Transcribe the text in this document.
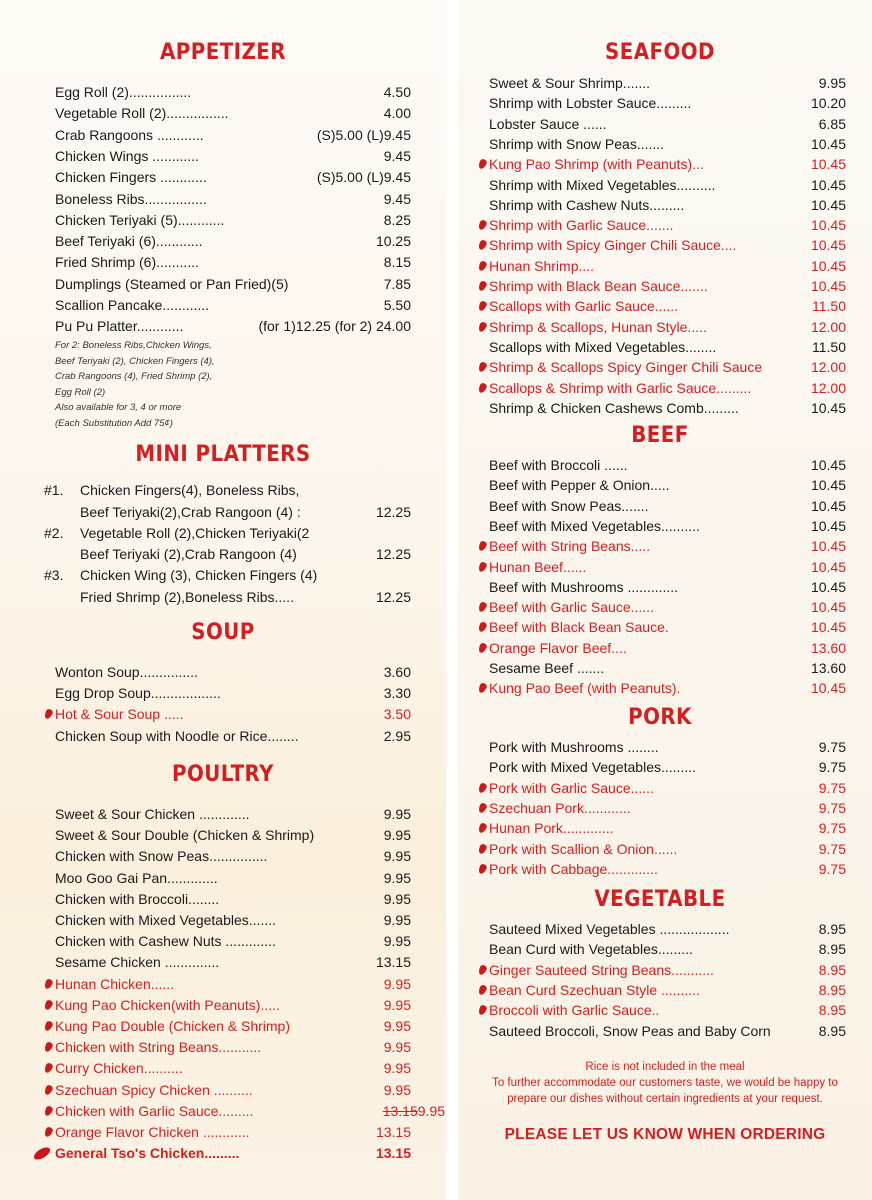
APPETIZER
Egg Roll (2)................	4.50
Vegetable Roll (2)................	4.00
Crab Rangoons ............	(S)5.00 (L)9.45
Chicken Wings ............	9.45
Chicken Fingers ............	(S)5.00 (L)9.45
Boneless Ribs................	9.45
Chicken Teriyaki (5)............	8.25
Beef Teriyaki (6)............	10.25
Fried Shrimp (6)...........	8.15
Dumplings (Steamed or Pan Fried)(5)	7.85
Scallion Pancake............	5.50
Pu Pu Platter............	(for 1)12.25 (for 2) 24.00
For 2: Boneless Ribs,Chicken Wings,
Beef Teriyaki (2), Chicken Fingers (4),
Crab Rangoons (4), Fried Shrimp (2),
Egg Roll (2)
Also available for 3, 4 or more
(Each Substitution Add 75¢)
MINI PLATTERS
#1. Chicken Fingers(4), Boneless Ribs,
Beef Teriyaki(2),Crab Rangoon (4) :	12.25
#2. Vegetable Roll (2),Chicken Teriyaki(2
Beef Teriyaki (2),Crab Rangoon (4)	12.25
#3. Chicken Wing (3), Chicken Fingers (4)
Fried Shrimp (2),Boneless Ribs.....	12.25
SOUP
Wonton Soup...............	3.60
Egg Drop Soup..................	3.30
Hot & Sour Soup .....	3.50
Chicken Soup with Noodle or Rice........	2.95
POULTRY
Sweet & Sour Chicken .............	9.95
Sweet & Sour Double (Chicken & Shrimp)	9.95
Chicken with Snow Peas...............	9.95
Moo Goo Gai Pan.............	9.95
Chicken with Broccoli........	9.95
Chicken with Mixed Vegetables.......	9.95
Chicken with Cashew Nuts .............	9.95
Sesame Chicken ..............	13.15
Hunan Chicken......	9.95
Kung Pao Chicken(with Peanuts).....	9.95
Kung Pao Double (Chicken & Shrimp)	9.95
Chicken with String Beans...........	9.95
Curry Chicken..........	9.95
Szechuan Spicy Chicken ..........	9.95
Chicken with Garlic Sauce.........	13.159.95
Orange Flavor Chicken ............	13.15
General Tso's Chicken.........	13.15
SEAFOOD
Sweet & Sour Shrimp.......	9.95
Shrimp with Lobster Sauce.........	10.20
Lobster Sauce ......	6.85
Shrimp with Snow Peas.......	10.45
Kung Pao Shrimp (with Peanuts)...	10.45
Shrimp with Mixed Vegetables..........	10.45
Shrimp with Cashew Nuts.........	10.45
Shrimp with Garlic Sauce.......	10.45
Shrimp with Spicy Ginger Chili Sauce....	10.45
Hunan Shrimp....	10.45
Shrimp with Black Bean Sauce.......	10.45
Scallops with Garlic Sauce......	11.50
Shrimp & Scallops, Hunan Style.....	12.00
Scallops with Mixed Vegetables........	11.50
Shrimp & Scallops Spicy Ginger Chili Sauce	12.00
Scallops & Shrimp with Garlic Sauce.........	12.00
Shrimp & Chicken Cashews Comb.........	10.45
BEEF
Beef with Broccoli ......	10.45
Beef with Pepper & Onion.....	10.45
Beef with Snow Peas.......	10.45
Beef with Mixed Vegetables..........	10.45
Beef with String Beans.....	10.45
Hunan Beef......	10.45
Beef with Mushrooms .............	10.45
Beef with Garlic Sauce......	10.45
Beef with Black Bean Sauce.	10.45
Orange Flavor Beef....	13.60
Sesame Beef .......	13.60
Kung Pao Beef (with Peanuts).	10.45
PORK
Pork with Mushrooms ........	9.75
Pork with Mixed Vegetables.........	9.75
Pork with Garlic Sauce......	9.75
Szechuan Pork............	9.75
Hunan Pork.............	9.75
Pork with Scallion & Onion......	9.75
Pork with Cabbage.............	9.75
VEGETABLE
Sauteed Mixed Vegetables ..................	8.95
Bean Curd with Vegetables.........	8.95
Ginger Sauteed String Beans...........	8.95
Bean Curd Szechuan Style ..........	8.95
Broccoli with Garlic Sauce..	8.95
Sauteed Broccoli, Snow Peas and Baby Corn	8.95
Rice is not included in the meal
To further accommodate our customers taste, we would be happy to
prepare our dishes without certain ingredients at your request.
PLEASE LET US KNOW WHEN ORDERING
